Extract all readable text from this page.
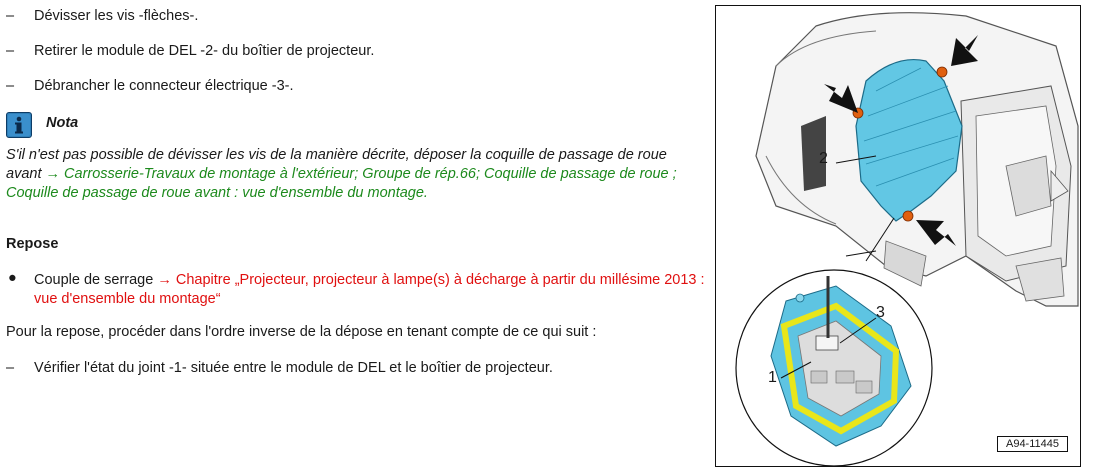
–	Dévisser les vis -flèches-.
–	Retirer le module de DEL -2- du boîtier de projecteur.
–	Débrancher le connecteur électrique -3-.
Nota
S'il n'est pas possible de dévisser les vis de la manière décrite, déposer la coquille de passage de roue avant → Carrosserie-Travaux de montage à l'extérieur; Groupe de rép.66; Coquille de passage de roue ; Coquille de passage de roue avant : vue d'ensemble du montage.
Repose
● Couple de serrage → Chapitre „Projecteur, projecteur à lampe(s) à décharge à partir du millésime 2013 : vue d'ensemble du montage“
Pour la repose, procéder dans l'ordre inverse de la dépose en tenant compte de ce qui suit :
–	Vérifier l'état du joint -1- située entre le module de DEL et le boîtier de projecteur.
2
3
1
A94-11445
